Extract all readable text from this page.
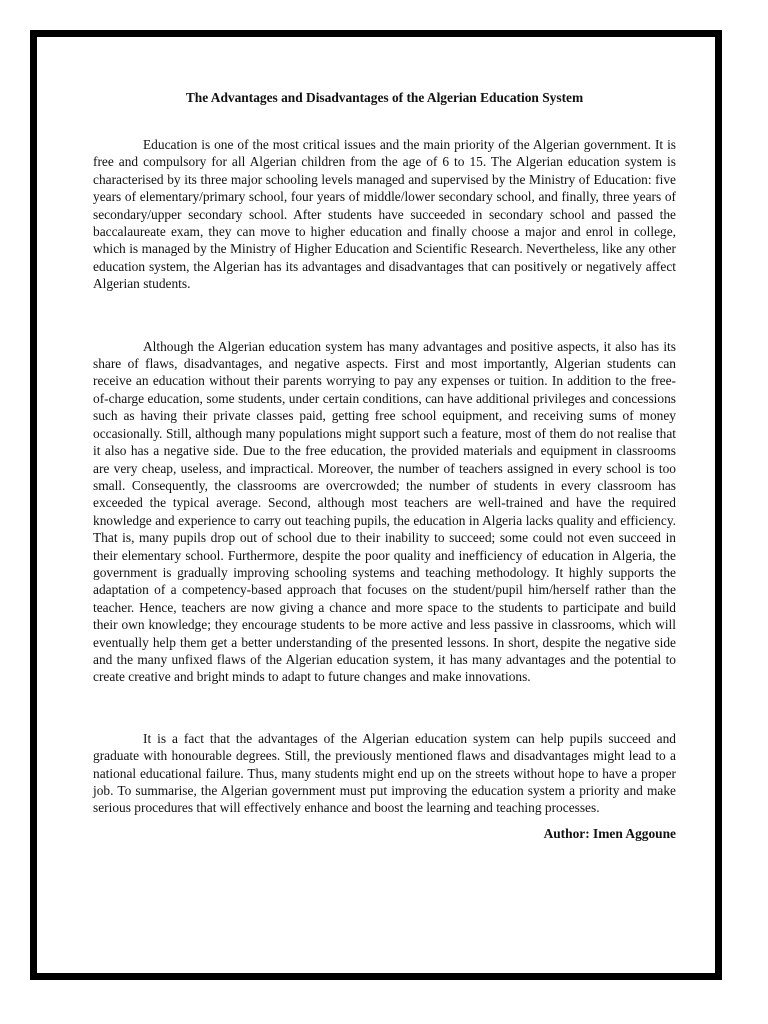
The Advantages and Disadvantages of the Algerian Education System

Education is one of the most critical issues and the main priority of the Algerian government. It is free and compulsory for all Algerian children from the age of 6 to 15. The Algerian education system is characterised by its three major schooling levels managed and supervised by the Ministry of Education: five years of elementary/primary school, four years of middle/lower secondary school, and finally, three years of secondary/upper secondary school. After students have succeeded in secondary school and passed the baccalaureate exam, they can move to higher education and finally choose a major and enrol in college, which is managed by the Ministry of Higher Education and Scientific Research. Nevertheless, like any other education system, the Algerian has its advantages and disadvantages that can positively or negatively affect Algerian students.

Although the Algerian education system has many advantages and positive aspects, it also has its share of flaws, disadvantages, and negative aspects. First and most importantly, Algerian students can receive an education without their parents worrying to pay any expenses or tuition. In addition to the free-of-charge education, some students, under certain conditions, can have additional privileges and concessions such as having their private classes paid, getting free school equipment, and receiving sums of money occasionally. Still, although many populations might support such a feature, most of them do not realise that it also has a negative side. Due to the free education, the provided materials and equipment in classrooms are very cheap, useless, and impractical. Moreover, the number of teachers assigned in every school is too small. Consequently, the classrooms are overcrowded; the number of students in every classroom has exceeded the typical average. Second, although most teachers are well-trained and have the required knowledge and experience to carry out teaching pupils, the education in Algeria lacks quality and efficiency. That is, many pupils drop out of school due to their inability to succeed; some could not even succeed in their elementary school. Furthermore, despite the poor quality and inefficiency of education in Algeria, the government is gradually improving schooling systems and teaching methodology. It highly supports the adaptation of a competency-based approach that focuses on the student/pupil him/herself rather than the teacher. Hence, teachers are now giving a chance and more space to the students to participate and build their own knowledge; they encourage students to be more active and less passive in classrooms, which will eventually help them get a better understanding of the presented lessons. In short, despite the negative side and the many unfixed flaws of the Algerian education system, it has many advantages and the potential to create creative and bright minds to adapt to future changes and make innovations.

It is a fact that the advantages of the Algerian education system can help pupils succeed and graduate with honourable degrees. Still, the previously mentioned flaws and disadvantages might lead to a national educational failure. Thus, many students might end up on the streets without hope to have a proper job. To summarise, the Algerian government must put improving the education system a priority and make serious procedures that will effectively enhance and boost the learning and teaching processes.

Author: Imen Aggoune
